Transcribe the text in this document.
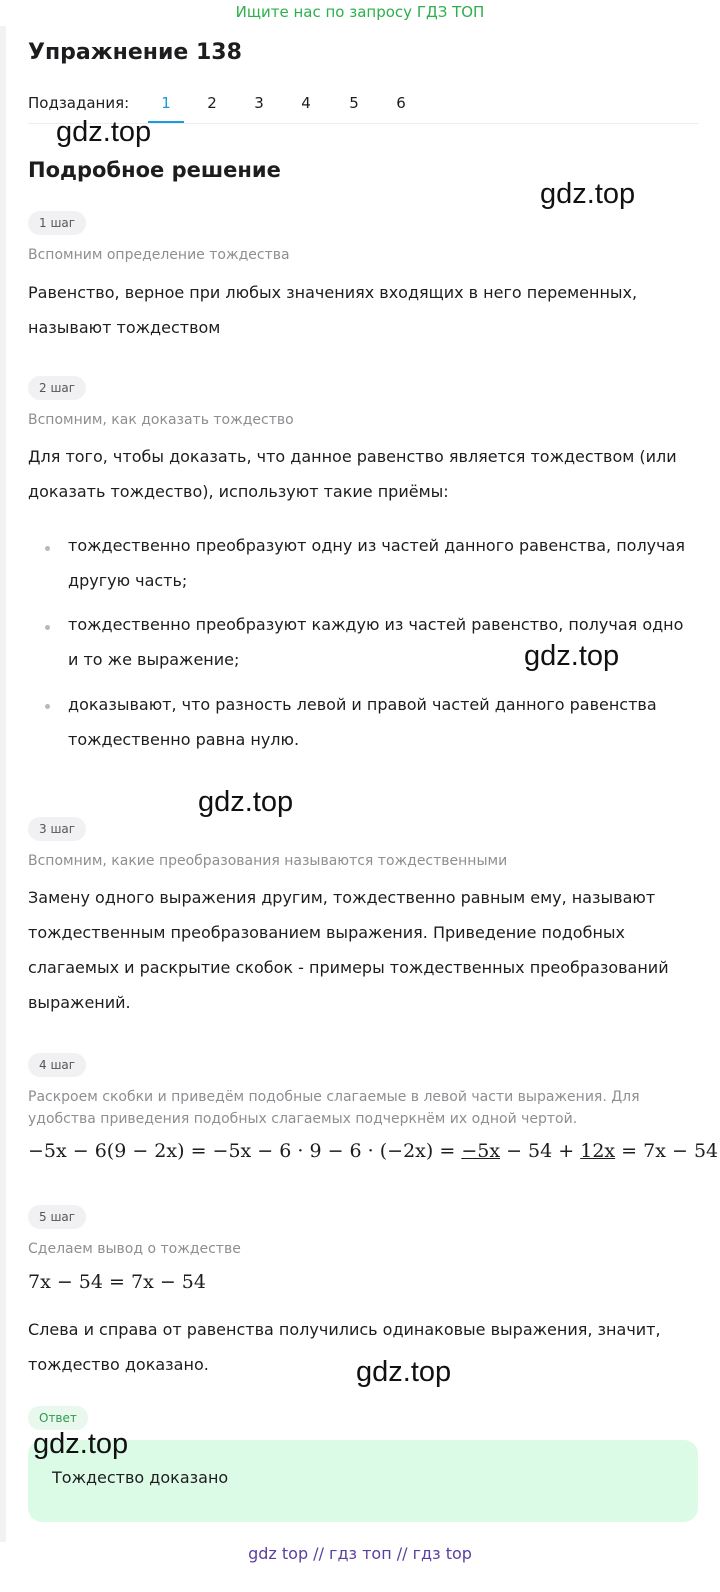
Ищите нас по запросу ГДЗ ТОП
Упражнение 138
Подзадания:	1	2	3	4	5	6
gdz.top
Подробное решение
gdz.top
1 шаг
Вспомним определение тождества
Равенство, верное при любых значениях входящих в него переменных, называют тождеством
2 шаг
Вспомним, как доказать тождество
Для того, чтобы доказать, что данное равенство является тождеством (или доказать тождество), используют такие приёмы:
тождественно преобразуют одну из частей данного равенства, получая другую часть;
тождественно преобразуют каждую из частей равенство, получая одно и то же выражение;
доказывают, что разность левой и правой частей данного равенства тождественно равна нулю.
gdz.top
gdz.top
3 шаг
Вспомним, какие преобразования называются тождественными
Замену одного выражения другим, тождественно равным ему, называют тождественным преобразованием выражения. Приведение подобных слагаемых и раскрытие скобок - примеры тождественных преобразований выражений.
4 шаг
Раскроем скобки и приведём подобные слагаемые в левой части выражения. Для удобства приведения подобных слагаемых подчеркнём их одной чертой.
−5x − 6(9 − 2x) = −5x − 6 · 9 − 6 · (−2x) = −5x − 54 + 12x = 7x − 54
5 шаг
Сделаем вывод о тождестве
7x − 54 = 7x − 54
Слева и справа от равенства получились одинаковые выражения, значит, тождество доказано.	gdz.top
Ответ
Тождество доказано
gdz.top
gdz top // гдз топ // гдз top
